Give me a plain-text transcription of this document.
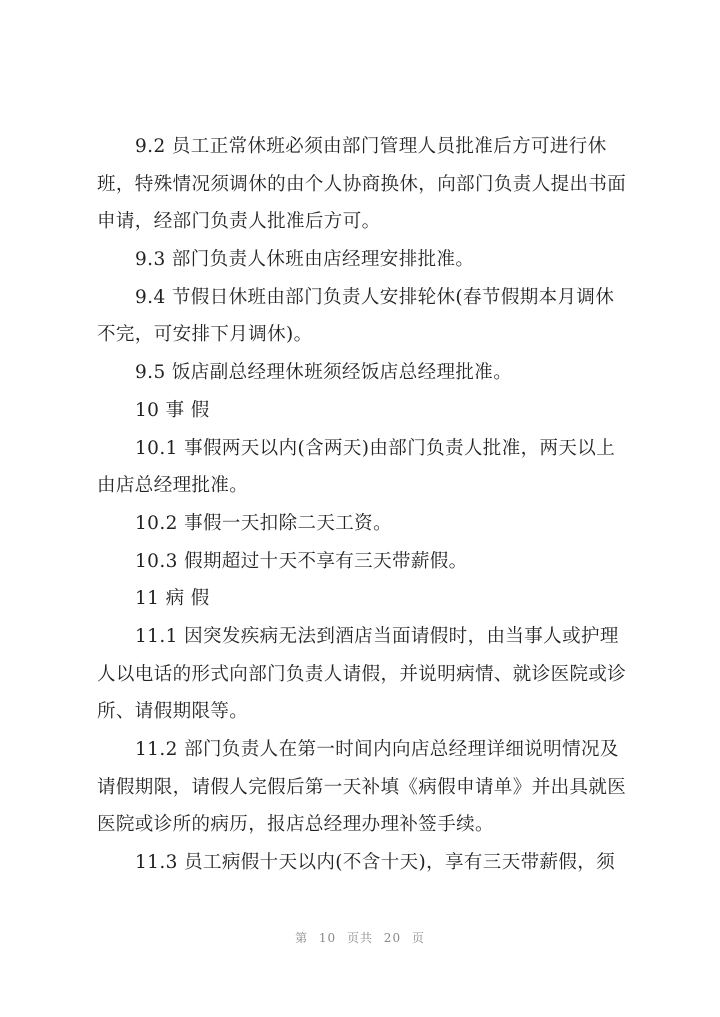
9.2 员工正常休班必须由部门管理人员批准后方可进行休
班，特殊情况须调休的由个人协商换休，向部门负责人提出书面
申请，经部门负责人批准后方可。
9.3 部门负责人休班由店经理安排批准。
9.4 节假日休班由部门负责人安排轮休(春节假期本月调休
不完，可安排下月调休)。
9.5 饭店副总经理休班须经饭店总经理批准。
10 事 假
10.1 事假两天以内(含两天)由部门负责人批准，两天以上
由店总经理批准。
10.2 事假一天扣除二天工资。
10.3 假期超过十天不享有三天带薪假。
11 病 假
11.1 因突发疾病无法到酒店当面请假时，由当事人或护理
人以电话的形式向部门负责人请假，并说明病情、就诊医院或诊
所、请假期限等。
11.2 部门负责人在第一时间内向店总经理详细说明情况及
请假期限，请假人完假后第一天补填《病假申请单》并出具就医
医院或诊所的病历，报店总经理办理补签手续。
11.3 员工病假十天以内(不含十天)，享有三天带薪假，须
第 10 页共 20 页
